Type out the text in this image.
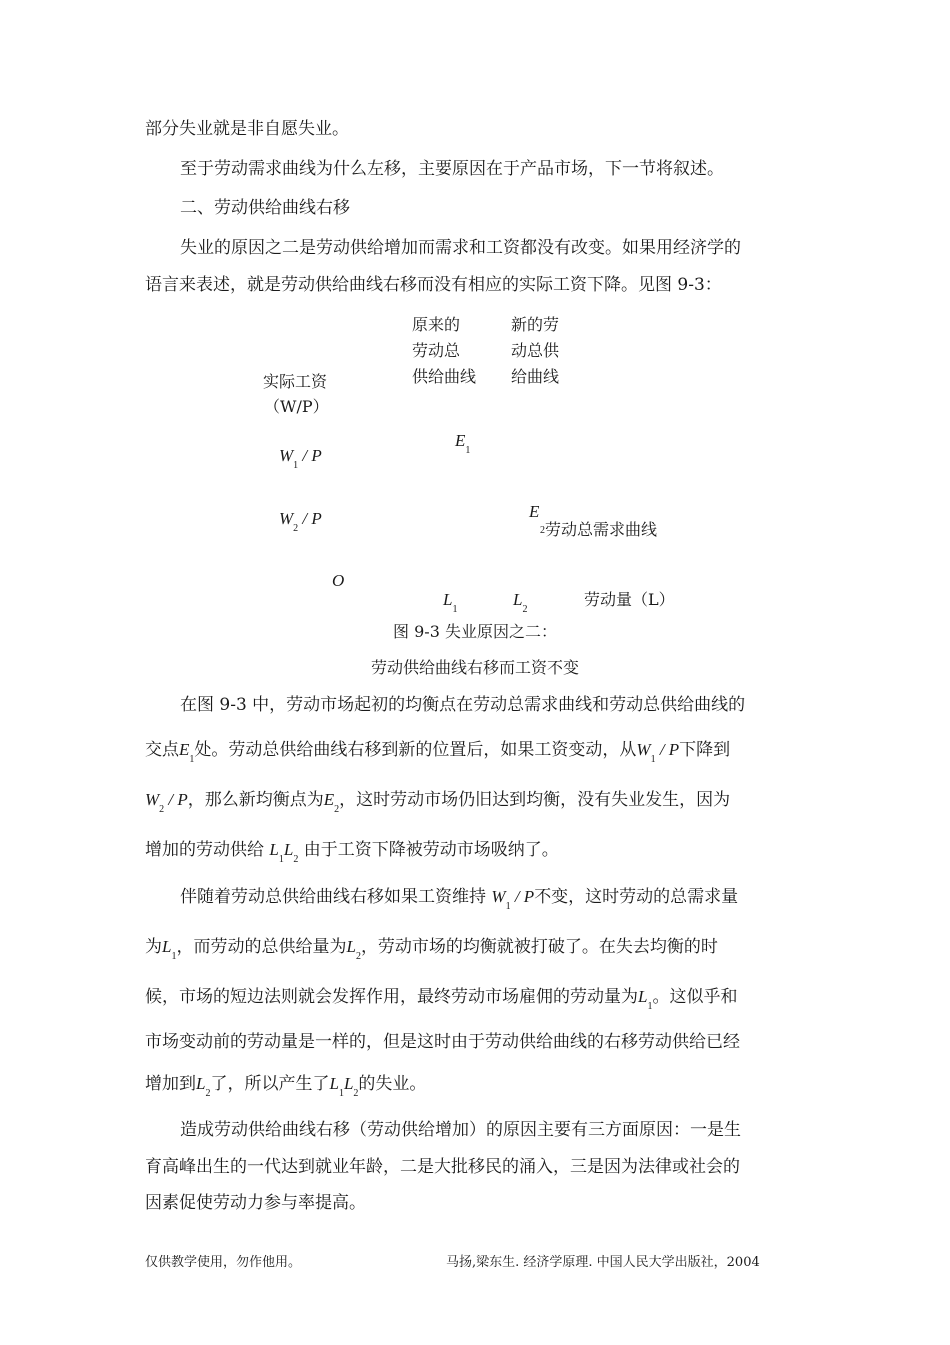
部分失业就是非自愿失业。
至于劳动需求曲线为什么左移，主要原因在于产品市场，下一节将叙述。
二、劳动供给曲线右移
失业的原因之二是劳动供给增加而需求和工资都没有改变。如果用经济学的
语言来表述，就是劳动供给曲线右移而没有相应的实际工资下降。见图 9-3：
原来的
劳动总
供给曲线
新的劳
动总供
给曲线
实际工资
（W/P）
$E_1$
$W_1$ / P
$W_2$ / P	E
$^2$劳动总需求曲线
O
$L_1$
$L_2$
劳动量（L）
图 9-3 失业原因之二：
劳动供给曲线右移而工资不变
在图 9-3 中，劳动市场起初的均衡点在劳动总需求曲线和劳动总供给曲线的
交点$E_1$处。劳动总供给曲线右移到新的位置后，如果工资变动，从$W_1$ / P下降到
$W_2$ / P，那么新均衡点为$E_2$，这时劳动市场仍旧达到均衡，没有失业发生，因为
增加的劳动供给 $L_1L_2$ 由于工资下降被劳动市场吸纳了。
伴随着劳动总供给曲线右移如果工资维持 $W_1$ / P不变，这时劳动的总需求量
为$L_1$，而劳动的总供给量为$L_2$，劳动市场的均衡就被打破了。在失去均衡的时
候，市场的短边法则就会发挥作用，最终劳动市场雇佣的劳动量为$L_1$。这似乎和
市场变动前的劳动量是一样的，但是这时由于劳动供给曲线的右移劳动供给已经
增加到$L_2$了，所以产生了$L_1L_2$的失业。
造成劳动供给曲线右移（劳动供给增加）的原因主要有三方面原因：一是生
育高峰出生的一代达到就业年龄，二是大批移民的涌入，三是因为法律或社会的
因素促使劳动力参与率提高。
仅供教学使用，勿作他用。	马扬,梁东生. 经济学原理. 中国人民大学出版社，2004
